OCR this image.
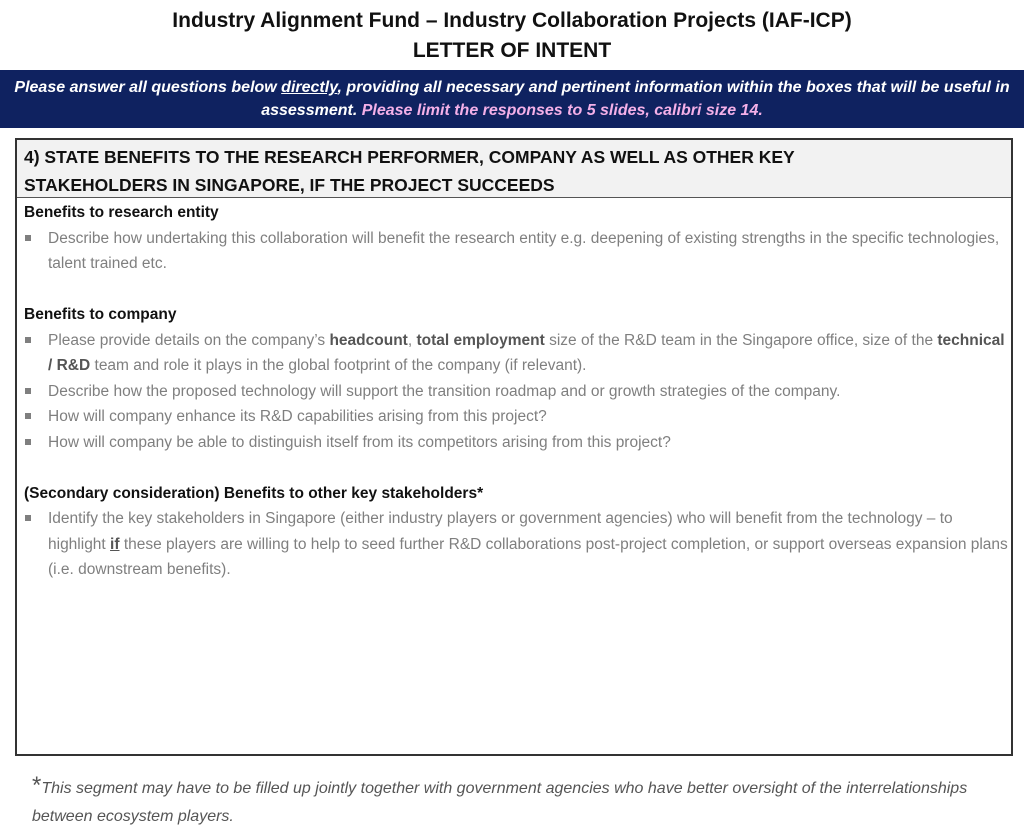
Industry Alignment Fund – Industry Collaboration Projects (IAF-ICP)
LETTER OF INTENT
Please answer all questions below directly, providing all necessary and pertinent information within the boxes that will be useful in assessment. Please limit the responses to 5 slides, calibri size 14.
4) STATE BENEFITS TO THE RESEARCH PERFORMER, COMPANY AS WELL AS OTHER KEY
STAKEHOLDERS IN SINGAPORE, IF THE PROJECT SUCCEEDS
Benefits to research entity
Describe how undertaking this collaboration will benefit the research entity e.g. deepening of existing strengths in the specific technologies, talent trained etc.
Benefits to company
Please provide details on the company’s headcount, total employment size of the R&D team in the Singapore office, size of the technical / R&D team and role it plays in the global footprint of the company (if relevant).
Describe how the proposed technology will support the transition roadmap and or growth strategies of the company.
How will company enhance its R&D capabilities arising from this project?
How will company be able to distinguish itself from its competitors arising from this project?
(Secondary consideration) Benefits to other key stakeholders*
Identify the key stakeholders in Singapore (either industry players or government agencies) who will benefit from the technology – to highlight if these players are willing to help to seed further R&D collaborations post-project completion, or support overseas expansion plans (i.e. downstream benefits).
*This segment may have to be filled up jointly together with government agencies who have better oversight of the interrelationships between ecosystem players.
